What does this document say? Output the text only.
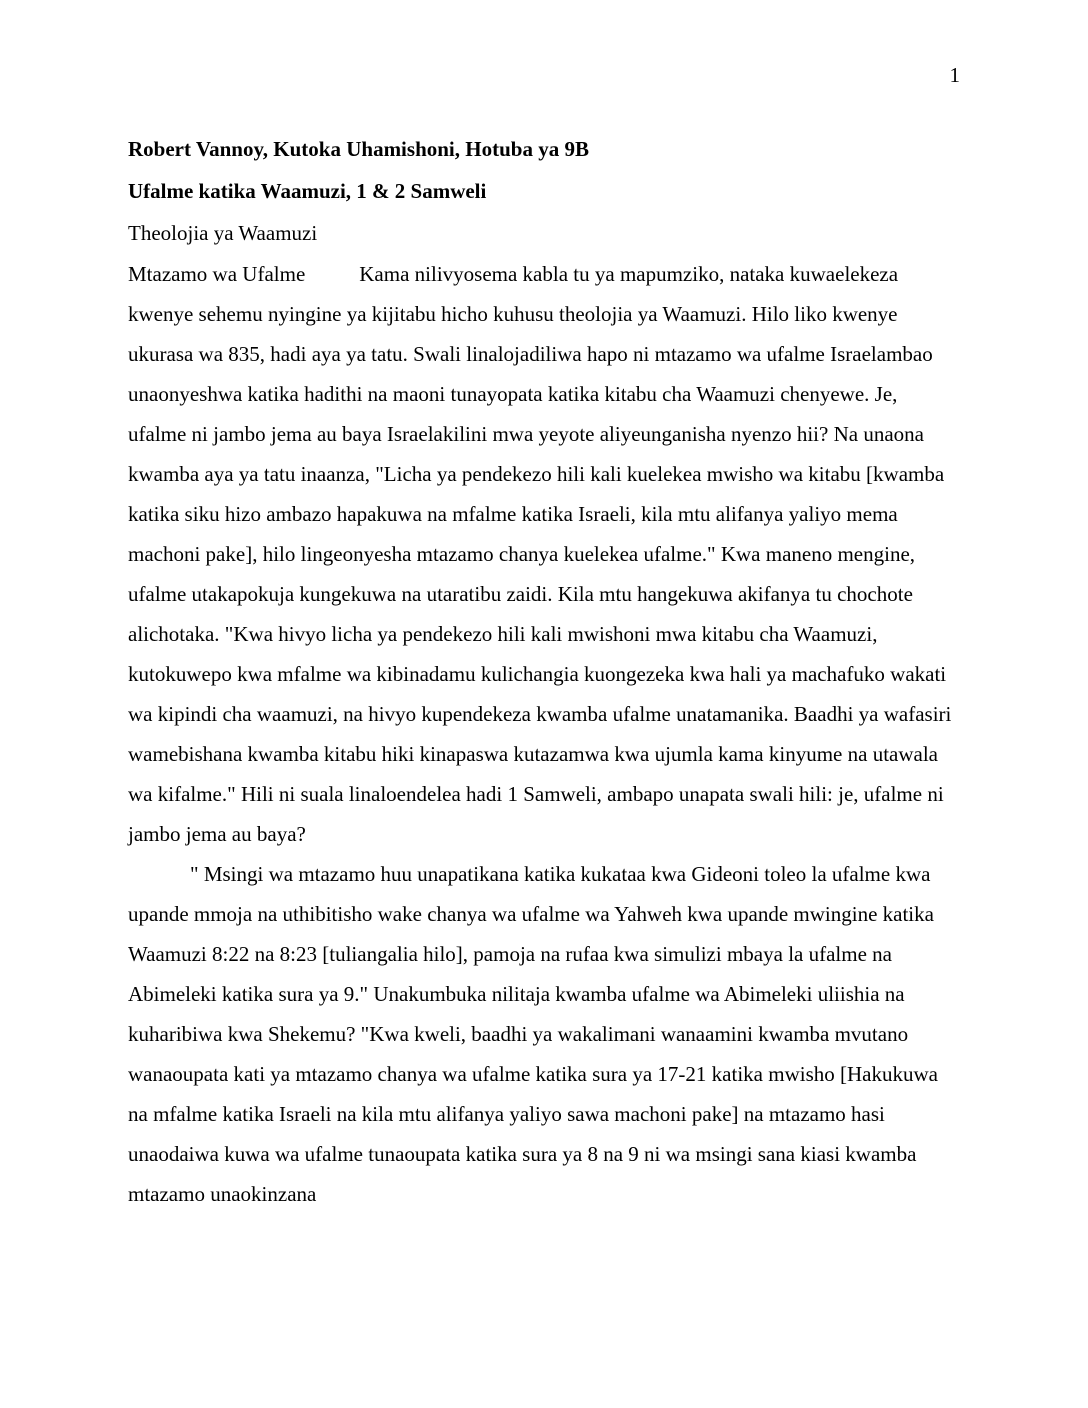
1
Robert Vannoy, Kutoka Uhamishoni, Hotuba ya 9B
Ufalme katika Waamuzi, 1 & 2 Samweli

Theolojia ya Waamuzi

Mtazamo wa Ufalme	Kama nilivyosema kabla tu ya mapumziko, nataka kuwaelekeza kwenye sehemu nyingine ya kijitabu hicho kuhusu theolojia ya Waamuzi. Hilo liko kwenye ukurasa wa 835, hadi aya ya tatu. Swali linalojadiliwa hapo ni mtazamo wa ufalme Israelambao unaonyeshwa katika hadithi na maoni tunayopata katika kitabu cha Waamuzi chenyewe. Je, ufalme ni jambo jema au baya Israelakilini mwa yeyote aliyeunganisha nyenzo hii? Na unaona kwamba aya ya tatu inaanza, "Licha ya pendekezo hili kali kuelekea mwisho wa kitabu [kwamba katika siku hizo ambazo hapakuwa na mfalme katika Israeli, kila mtu alifanya yaliyo mema machoni pake], hilo lingeonyesha mtazamo chanya kuelekea ufalme." Kwa maneno mengine, ufalme utakapokuja kungekuwa na utaratibu zaidi. Kila mtu hangekuwa akifanya tu chochote alichotaka. "Kwa hivyo licha ya pendekezo hili kali mwishoni mwa kitabu cha Waamuzi, kutokuwepo kwa mfalme wa kibinadamu kulichangia kuongezeka kwa hali ya machafuko wakati wa kipindi cha waamuzi, na hivyo kupendekeza kwamba ufalme unatamanika. Baadhi ya wafasiri wamebishana kwamba kitabu hiki kinapaswa kutazamwa kwa ujumla kama kinyume na utawala wa kifalme." Hili ni suala linaloendelea hadi 1 Samweli, ambapo unapata swali hili: je, ufalme ni jambo jema au baya?

" Msingi wa mtazamo huu unapatikana katika kukataa kwa Gideoni toleo la ufalme kwa upande mmoja na uthibitisho wake chanya wa ufalme wa Yahweh kwa upande mwingine katika Waamuzi 8:22 na 8:23 [tuliangalia hilo], pamoja na rufaa kwa simulizi mbaya la ufalme na Abimeleki katika sura ya 9." Unakumbuka nilitaja kwamba ufalme wa Abimeleki uliishia na kuharibiwa kwa Shekemu? "Kwa kweli, baadhi ya wakalimani wanaamini kwamba mvutano wanaoupata kati ya mtazamo chanya wa ufalme katika sura ya 17-21 katika mwisho [Hakukuwa na mfalme katika Israeli na kila mtu alifanya yaliyo sawa machoni pake] na mtazamo hasi unaodaiwa kuwa wa ufalme tunaoupata katika sura ya 8 na 9 ni wa msingi sana kiasi kwamba mtazamo unaokinzana
